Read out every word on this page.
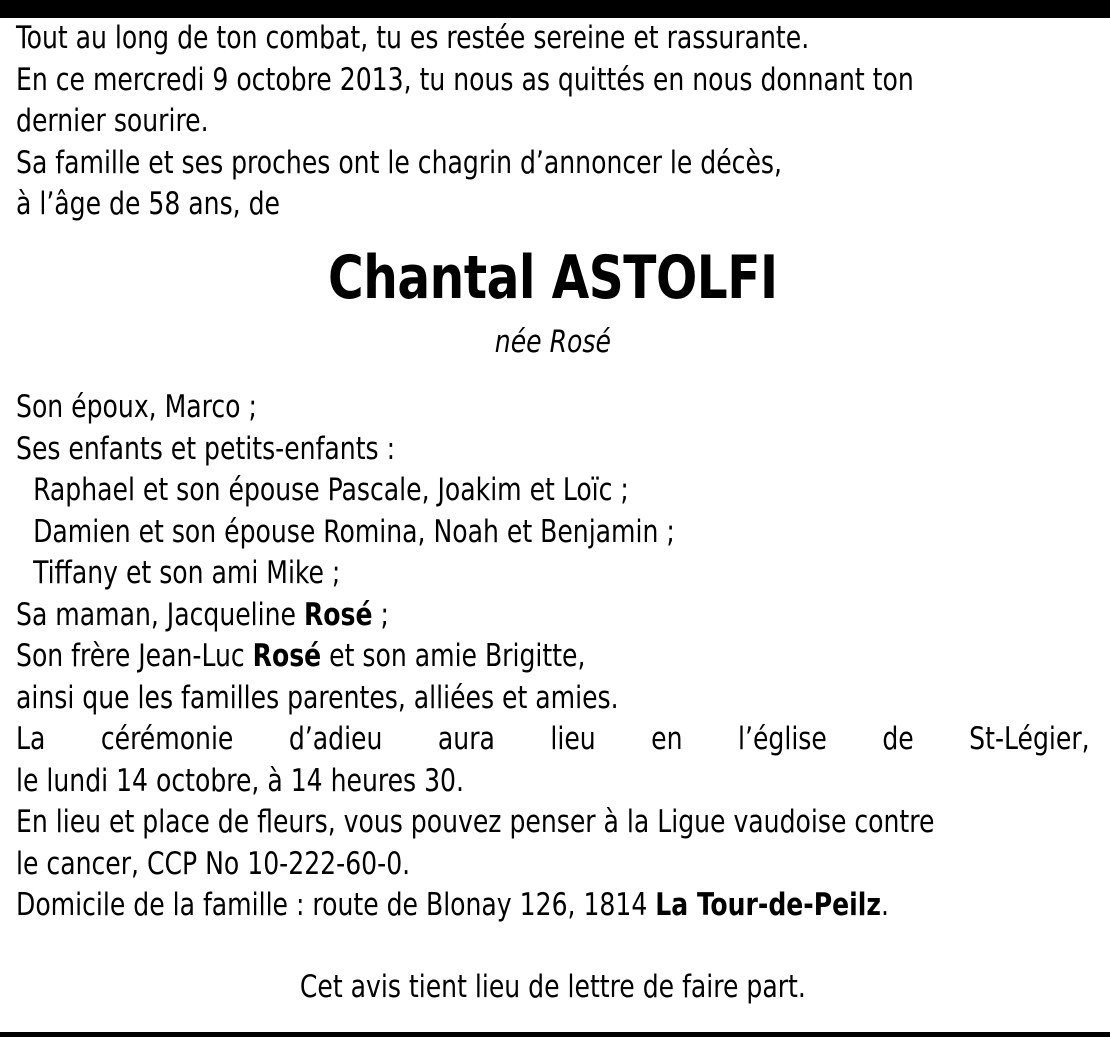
Tout au long de ton combat, tu es restée sereine et rassurante.
En ce mercredi 9 octobre 2013, tu nous as quittés en nous donnant ton
dernier sourire.
Sa famille et ses proches ont le chagrin d’annoncer le décès,
à l’âge de 58 ans, de
Chantal ASTOLFI
née Rosé
Son époux, Marco ;
Ses enfants et petits-enfants :
Raphael et son épouse Pascale, Joakim et Loïc ;
Damien et son épouse Romina, Noah et Benjamin ;
Tiffany et son ami Mike ;
Sa maman, Jacqueline Rosé ;
Son frère Jean-Luc Rosé et son amie Brigitte,
ainsi que les familles parentes, alliées et amies.
La cérémonie d’adieu aura lieu en l’église de St-Légier,
le lundi 14 octobre, à 14 heures 30.
En lieu et place de fleurs, vous pouvez penser à la Ligue vaudoise contre
le cancer, CCP No 10-222-60-0.
Domicile de la famille : route de Blonay 126, 1814 La Tour-de-Peilz.
Cet avis tient lieu de lettre de faire part.
